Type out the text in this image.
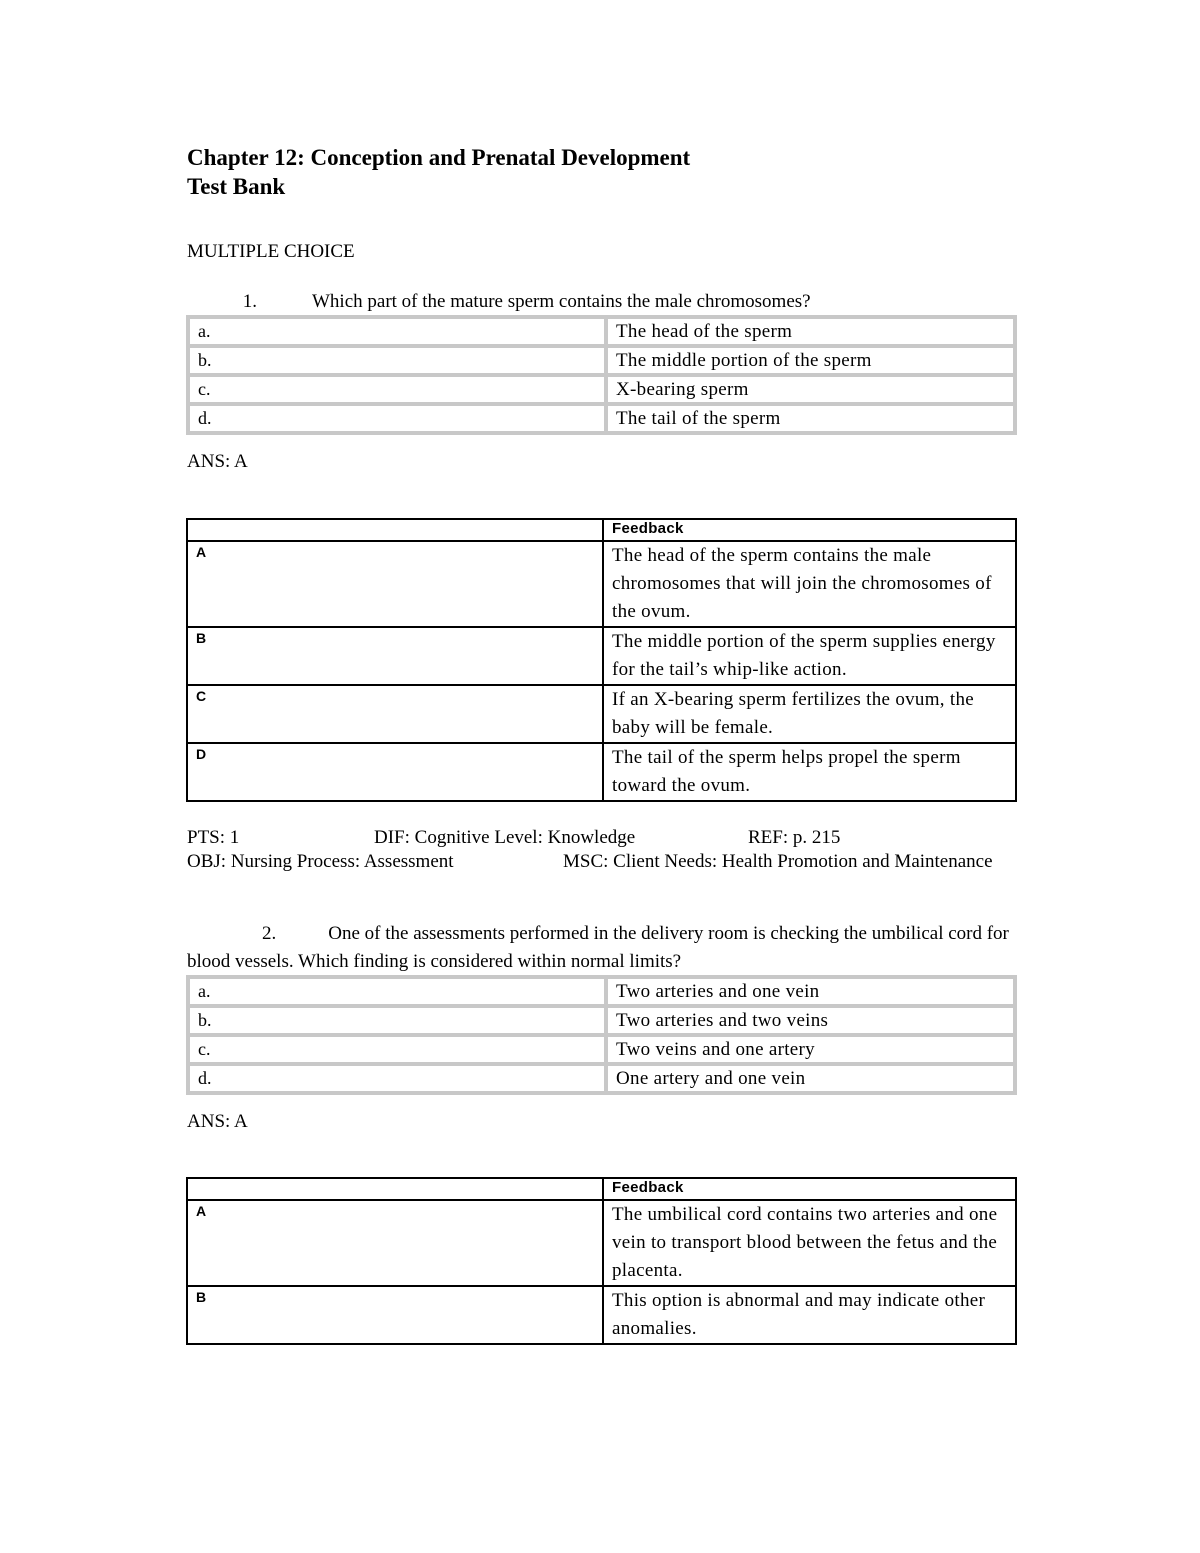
Chapter 12: Conception and Prenatal Development
Test Bank
MULTIPLE CHOICE
1.	Which part of the mature sperm contains the male chromosomes?
a.	The head of the sperm
b.	The middle portion of the sperm
c.	X-bearing sperm
d.	The tail of the sperm
ANS: A
	Feedback
A	The head of the sperm contains the male chromosomes that will join the chromosomes of the ovum.
B	The middle portion of the sperm supplies energy for the tail’s whip-like action.
C	If an X-bearing sperm fertilizes the ovum, the baby will be female.
D	The tail of the sperm helps propel the sperm toward the ovum.
PTS: 1	DIF: Cognitive Level: Knowledge	REF: p. 215
OBJ: Nursing Process: Assessment	MSC: Client Needs: Health Promotion and Maintenance
2.	One of the assessments performed in the delivery room is checking the umbilical cord for blood vessels. Which finding is considered within normal limits?
a.	Two arteries and one vein
b.	Two arteries and two veins
c.	Two veins and one artery
d.	One artery and one vein
ANS: A
	Feedback
A	The umbilical cord contains two arteries and one vein to transport blood between the fetus and the placenta.
B	This option is abnormal and may indicate other anomalies.
